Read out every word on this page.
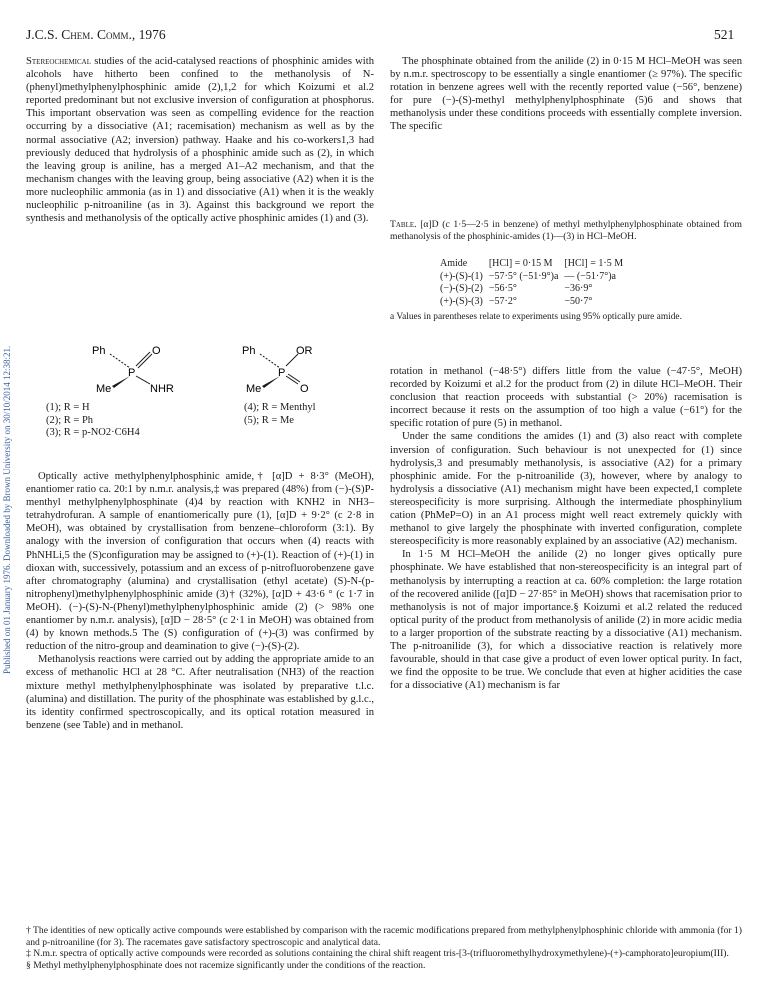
Published on 01 January 1976. Downloaded by Brown University on 30/10/2014 12:38:21.
J.C.S. Chem. Comm., 1976	521

Stereochemical studies of the acid-catalysed reactions of phosphinic amides with alcohols have hitherto been confined to the methanolysis of N-(phenyl)methylphenylphosphinic amide (2),1,2 for which Koizumi et al.2 reported predominant but not exclusive inversion of configuration at phosphorus. This important observation was seen as compelling evidence for the reaction occurring by a dissociative (A1; racemisation) mechanism as well as by the normal associative (A2; inversion) pathway. Haake and his co-workers1,3 had previously deduced that hydrolysis of a phosphinic amide such as (2), in which the leaving group is aniline, has a merged A1–A2 mechanism, and that the mechanism changes with the leaving group, being associative (A2) when it is the more nucleophilic ammonia (as in 1) and dissociative (A1) when it is the weakly nucleophilic p-nitroaniline (as in 3). Against this background we report the synthesis and methanolysis of the optically active phosphinic amides (1) and (3).

Ph
P
O
Me	NHR
Ph
P
OR
Me	O
(1); R = H
(2); R = Ph
(3); R = p-NO2·C6H4
(4); R = Menthyl
(5); R = Me

Optically active methylphenylphosphinic amide,† [α]D + 8·3° (MeOH), enantiomer ratio ca. 20:1 by n.m.r. analysis,‡ was prepared (48%) from (−)-(S)P-menthyl methylphenylphosphinate (4)4 by reaction with KNH2 in NH3–tetrahydrofuran. A sample of enantiomerically pure (1), [α]D + 9·2° (c 2·8 in MeOH), was obtained by crystallisation from benzene–chloroform (3:1). By analogy with the inversion of configuration that occurs when (4) reacts with PhNHLi,5 the (S)configuration may be assigned to (+)-(1). Reaction of (+)-(1) in dioxan with, successively, potassium and an excess of p-nitrofluorobenzene gave after chromatography (alumina) and crystallisation (ethyl acetate) (S)-N-(p-nitrophenyl)methylphenylphosphinic amide (3)† (32%), [α]D + 43·6 ° (c 1·7 in MeOH). (−)-(S)-N-(Phenyl)methylphenylphosphinic amide (2) (> 98% one enantiomer by n.m.r. analysis), [α]D − 28·5° (c 2·1 in MeOH) was obtained from (4) by known methods.5 The (S) configuration of (+)-(3) was confirmed by reduction of the nitro-group and deamination to give (−)-(S)-(2).

Methanolysis reactions were carried out by adding the appropriate amide to an excess of methanolic HCl at 28 °C. After neutralisation (NH3) of the reaction mixture methyl methylphenylphosphinate was isolated by preparative t.l.c. (alumina) and distillation. The purity of the phosphinate was established by g.l.c., its identity confirmed spectroscopically, and its optical rotation measured in benzene (see Table) and in methanol.

The phosphinate obtained from the anilide (2) in 0·15 M HCl–MeOH was seen by n.m.r. spectroscopy to be essentially a single enantiomer (≥ 97%). The specific rotation in benzene agrees well with the recently reported value (−56°, benzene) for pure (−)-(S)-methyl methylphenylphosphinate (5)6 and shows that methanolysis under these conditions proceeds with essentially complete inversion. The specific

Table. [α]D (c 1·5—2·5 in benzene) of methyl methylphenylphosphinate obtained from methanolysis of the phosphinic-amides (1)—(3) in HCl–MeOH.
Amide	[HCl] = 0·15 M	[HCl] = 1·5 M
(+)-(S)-(1)	−57·5° (−51·9°)a	— (−51·7°)a
(−)-(S)-(2)	−56·5°	−36·9°
(+)-(S)-(3)	−57·2°	−50·7°
a Values in parentheses relate to experiments using 95% optically pure amide.

rotation in methanol (−48·5°) differs little from the value (−47·5°, MeOH) recorded by Koizumi et al.2 for the product from (2) in dilute HCl–MeOH. Their conclusion that reaction proceeds with substantial (> 20%) racemisation is incorrect because it rests on the assumption of too high a value (−61°) for the specific rotation of pure (5) in methanol.

Under the same conditions the amides (1) and (3) also react with complete inversion of configuration. Such behaviour is not unexpected for (1) since hydrolysis,3 and presumably methanolysis, is associative (A2) for a primary phosphinic amide. For the p-nitroanilide (3), however, where by analogy to hydrolysis a dissociative (A1) mechanism might have been expected,1 complete stereospecificity is more surprising. Although the intermediate phosphinylium cation (PhMeP=O) in an A1 process might well react extremely quickly with methanol to give largely the phosphinate with inverted configuration, complete stereospecificity is more reasonably explained by an associative (A2) mechanism.

In 1·5 M HCl–MeOH the anilide (2) no longer gives optically pure phosphinate. We have established that non-stereospecificity is an integral part of methanolysis by interrupting a reaction at ca. 60% completion: the large rotation of the recovered anilide ([α]D − 27·85° in MeOH) shows that racemisation prior to methanolysis is not of major importance.§ Koizumi et al.2 related the reduced optical purity of the product from methanolysis of anilide (2) in more acidic media to a larger proportion of the substrate reacting by a dissociative (A1) mechanism. The p-nitroanilide (3), for which a dissociative reaction is relatively more favourable, should in that case give a product of even lower optical purity. In fact, we find the opposite to be true. We conclude that even at higher acidities the case for a dissociative (A1) mechanism is far

† The identities of new optically active compounds were established by comparison with the racemic modifications prepared from methylphenylphosphinic chloride with ammonia (for 1) and p-nitroaniline (for 3). The racemates gave satisfactory spectroscopic and analytical data.
‡ N.m.r. spectra of optically active compounds were recorded as solutions containing the chiral shift reagent tris-[3-(trifluoromethylhydroxymethylene)-(+)-camphorato]europium(III).
§ Methyl methylphenylphosphinate does not racemize significantly under the conditions of the reaction.
